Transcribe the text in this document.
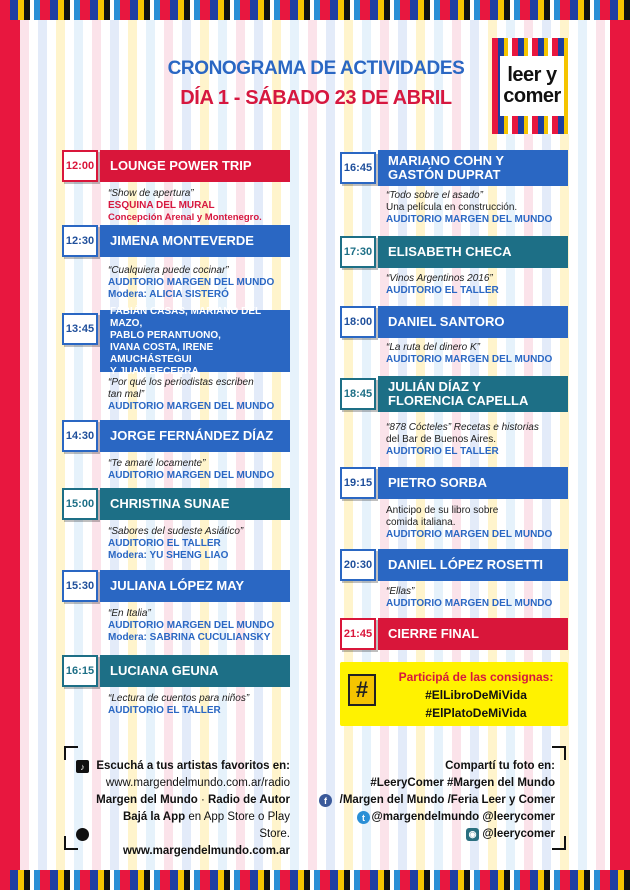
CRONOGRAMA DE ACTIVIDADES
DÍA 1 - SÁBADO 23 DE ABRIL
leer y
comer
LOUNGE POWER TRIP
12:00
“Show de apertura”
ESQUINA DEL MURAL
Concepción Arenal y Montenegro.
JIMENA MONTEVERDE
12:30
“Cualquiera puede cocinar”
AUDITORIO MARGEN DEL MUNDO
Modera: ALICIA SISTERÓ
FABIÁN CASAS, MARIANO DEL MAZO,
PABLO PERANTUONO,
IVANA COSTA, IRENE AMUCHÁSTEGUI
Y JUAN BECERRA
13:45
“Por qué los periodistas escriben
tan mal”
AUDITORIO MARGEN DEL MUNDO
JORGE FERNÁNDEZ DÍAZ
14:30
“Te amaré locamente”
AUDITORIO MARGEN DEL MUNDO
CHRISTINA SUNAE
15:00
“Sabores del sudeste Asiático”
AUDITORIO EL TALLER
Modera: YU SHENG LIAO
JULIANA LÓPEZ MAY
15:30
“En Italia”
AUDITORIO MARGEN DEL MUNDO
Modera: SABRINA CUCULIANSKY
LUCIANA GEUNA
16:15
“Lectura de cuentos para niños”
AUDITORIO EL TALLER
MARIANO COHN Y
GASTÓN DUPRAT
16:45
“Todo sobre el asado”
Una película en construcción.
AUDITORIO MARGEN DEL MUNDO
ELISABETH CHECA
17:30
“Vinos Argentinos 2016”
AUDITORIO EL TALLER
DANIEL SANTORO
18:00
“La ruta del dinero K”
AUDITORIO MARGEN DEL MUNDO
JULIÁN DÍAZ Y
FLORENCIA CAPELLA
18:45
“878 Cócteles” Recetas e historias
del Bar de Buenos Aires.
AUDITORIO EL TALLER
PIETRO SORBA
19:15
Anticipo de su libro sobre
comida italiana.
AUDITORIO MARGEN DEL MUNDO
DANIEL LÓPEZ ROSETTI
20:30
“Ellas”
AUDITORIO MARGEN DEL MUNDO
CIERRE FINAL
21:45
#	Participá de las consignas:
#ElLibroDeMiVida
#ElPlatoDeMiVida
♪	Escuchá a tus artistas favoritos en:
www.margendelmundo.com.ar/radio
Margen del Mundo · Radio de Autor
Bajá la App en App Store o Play Store.
www.margendelmundo.com.ar
Compartí tu foto en:
#LeeryComer #Margen del Mundo
/Margen del Mundo /Feria Leer y Comer
@margendelmundo @leerycomer
@leerycomer
f
t
◉
